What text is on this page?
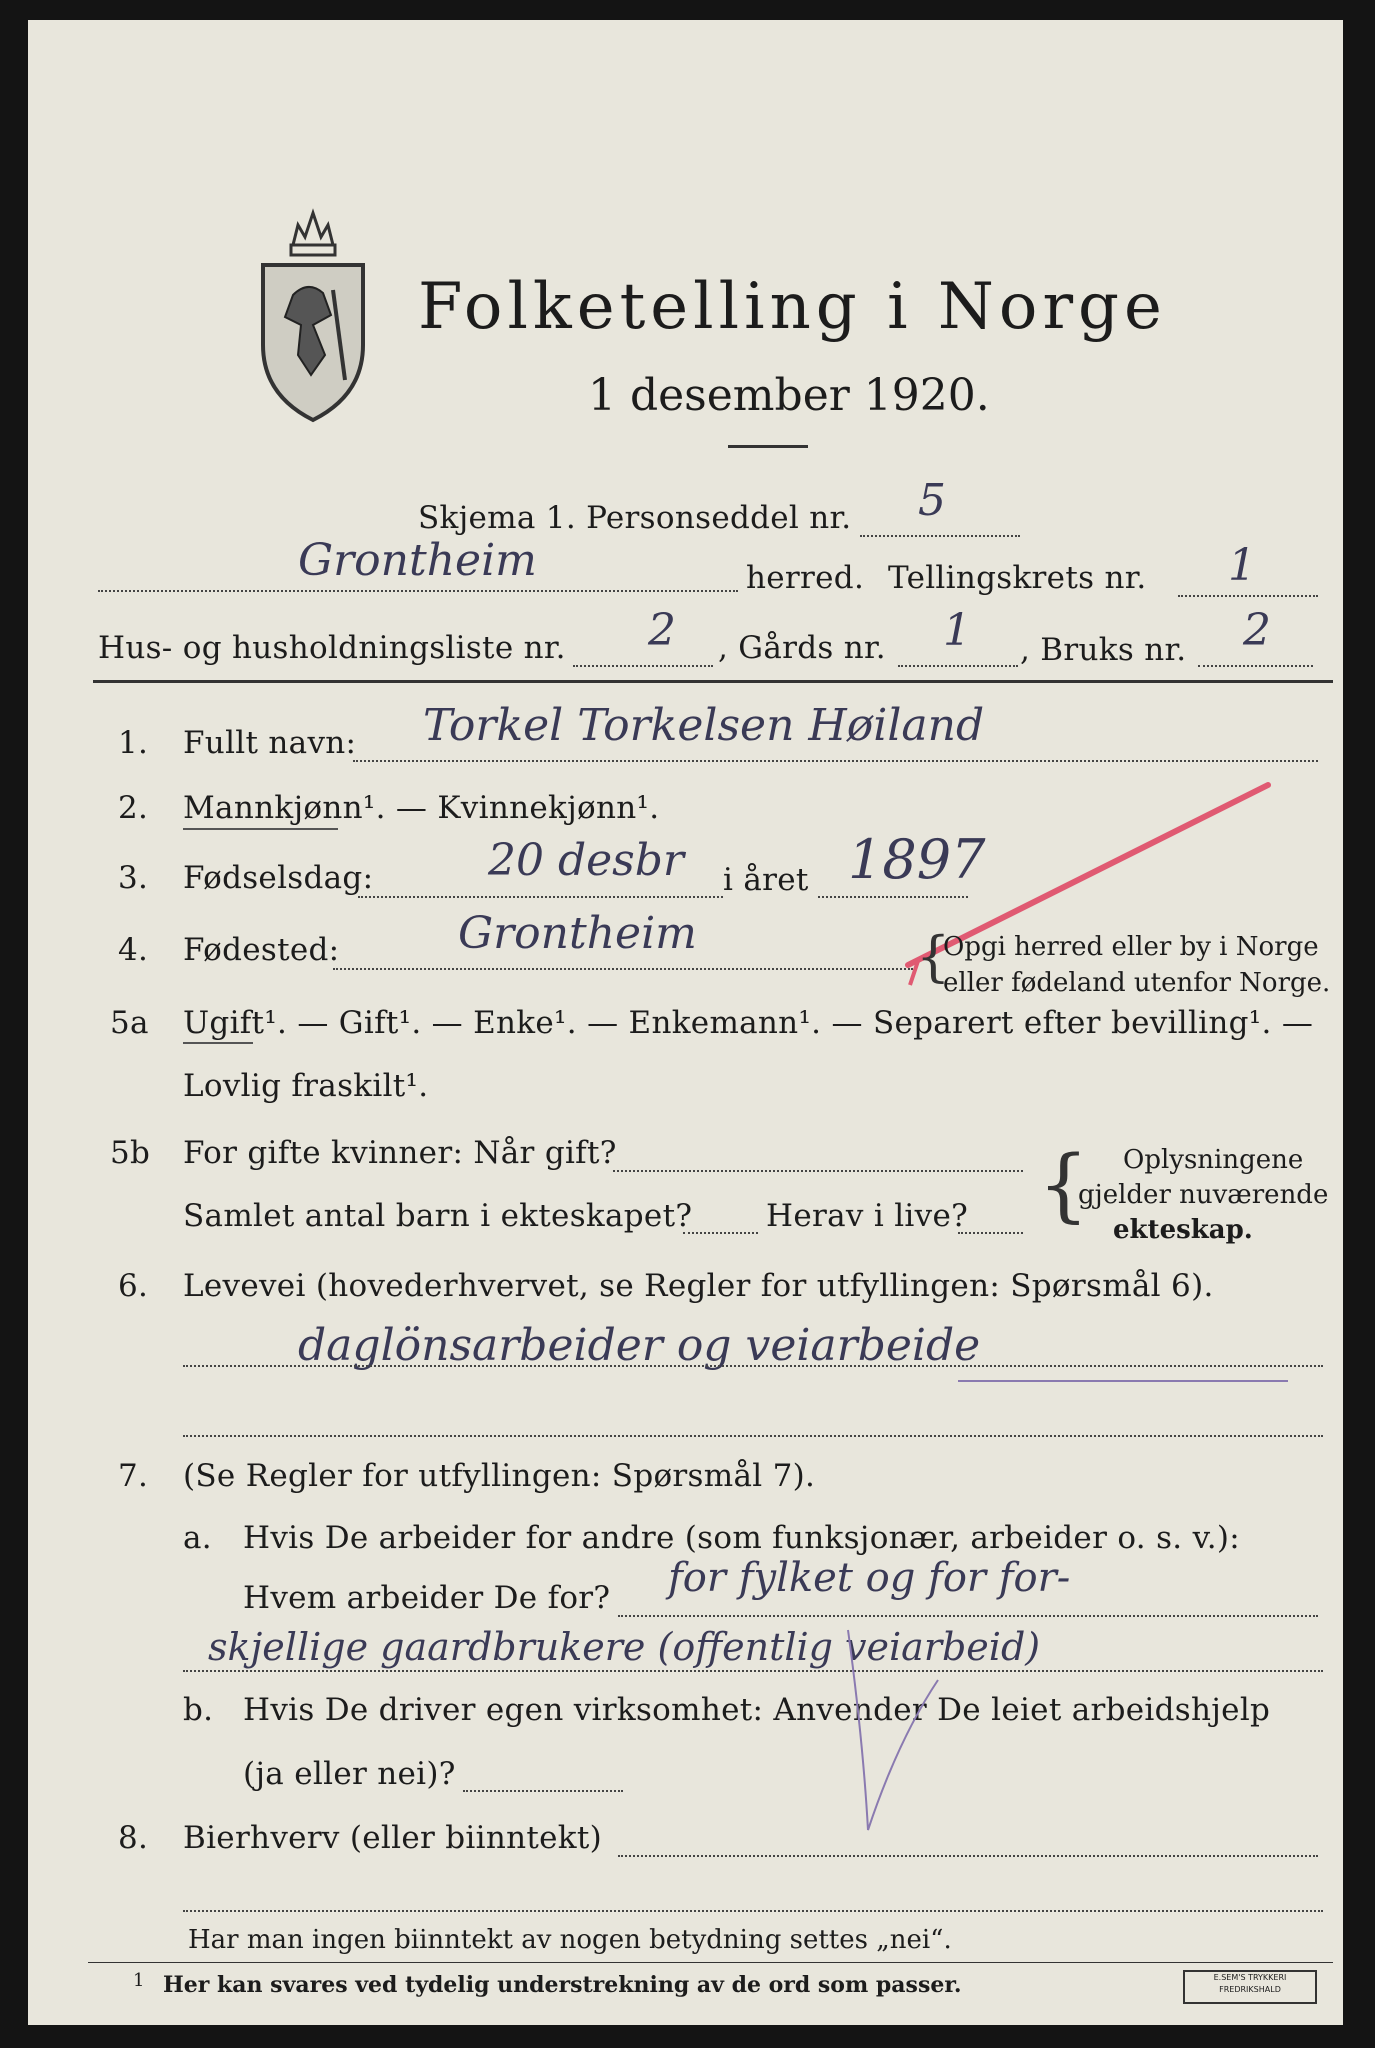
Folketelling i Norge
1 desember 1920.
Skjema 1. Personseddel nr. 5
Grontheim	herred. Tellingskrets nr. 1
Hus- og husholdningsliste nr. 2 , Gårds nr. 1 , Bruks nr. 2
1. Fullt navn: Torkel Torkelsen Høiland
2. Mannkjønn¹. — Kvinnekjønn¹.
3. Fødselsdag:	20 desbr i året 1897
4. Fødested:	Grontheim	{
Opgi herred eller by i Norge
eller fødeland utenfor Norge.
5a Ugift¹. — Gift¹. — Enke¹. — Enkemann¹. — Separert efter bevilling¹. —
Lovlig fraskilt¹.
5b For gifte kvinner: Når gift?
Samlet antal barn i ekteskapet? Herav i live? { Oplysningene
gjelder nuværende
ekteskap.
6. Levevei (hovederhvervet, se Regler for utfyllingen: Spørsmål 6).
daglönsarbeider og veiarbeide
7. (Se Regler for utfyllingen: Spørsmål 7).
a. Hvis De arbeider for andre (som funksjonær, arbeider o. s. v.):
Hvem arbeider De for? for fylket og for for-
skjellige gaardbrukere (offentlig veiarbeid)
b. Hvis De driver egen virksomhet: Anvender De leiet arbeidshjelp
(ja eller nei)?
8. Bierhverv (eller biinntekt)
Har man ingen biinntekt av nogen betydning settes „nei“.
1 Her kan svares ved tydelig understrekning av de ord som passer.	E.SEM'S TRYKKERI
FREDRIKSHALD
